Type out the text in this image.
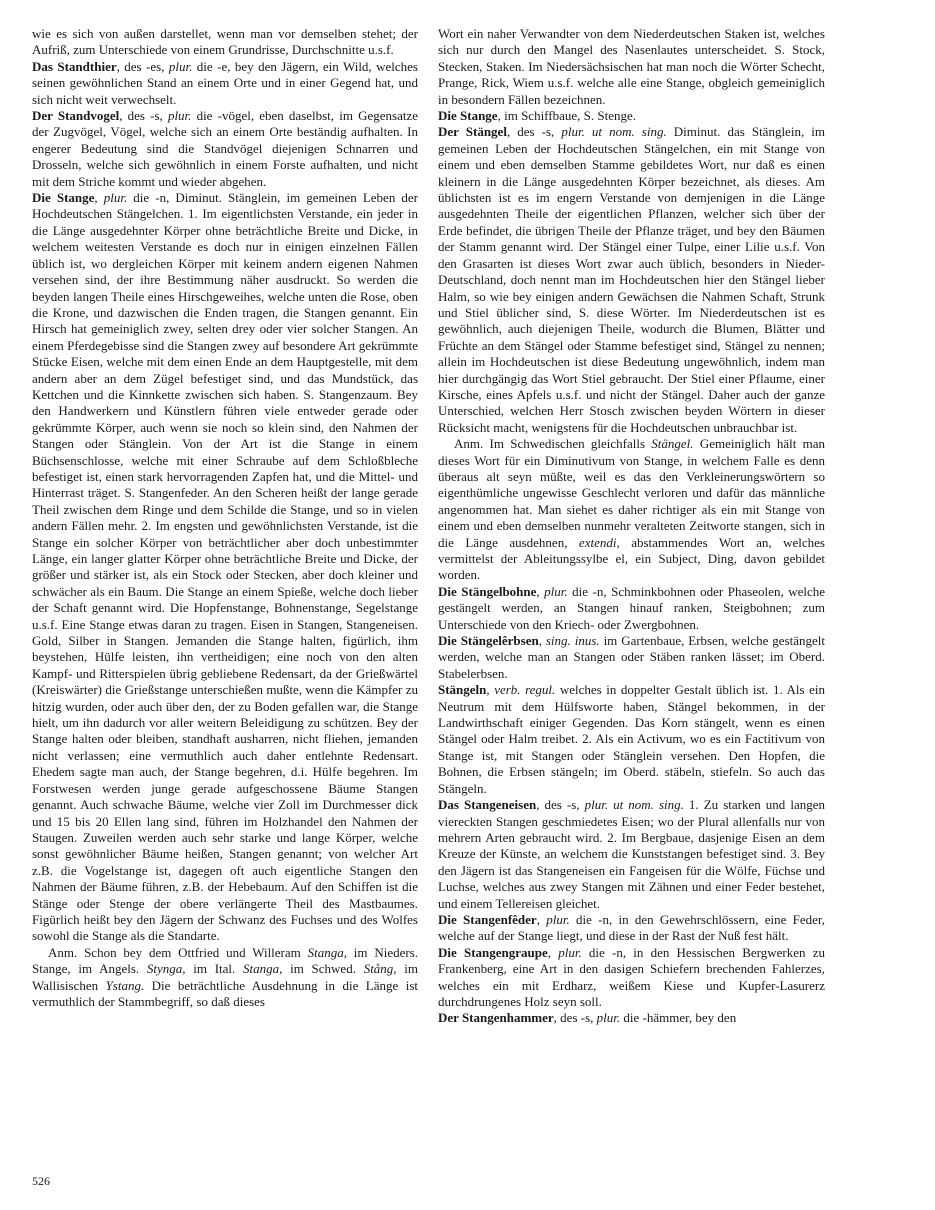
wie es sich von außen darstellet, wenn man vor demselben stehet; der Aufriß, zum Unterschiede von einem Grundrisse, Durchschnitte u.s.f.

Das Standthier, des -es, plur. die -e, bey den Jägern, ein Wild, welches seinen gewöhnlichen Stand an einem Orte und in einer Gegend hat, und sich nicht weit verwechselt.

Der Standvogel, des -s, plur. die -vögel, eben daselbst, im Gegensatze der Zugvögel, Vögel, welche sich an einem Orte beständig aufhalten. In engerer Bedeutung sind die Standvögel diejenigen Schnarren und Drosseln, welche sich gewöhnlich in einem Forste aufhalten, und nicht mit dem Striche kommt und wieder abgehen.

Die Stange, plur. die -n, Diminut. Stänglein, im gemeinen Leben der Hochdeutschen Stängelchen. 1. Im eigentlichsten Verstande, ein jeder in die Länge ausgedehnter Körper ohne beträchtliche Breite und Dicke, in welchem weitesten Verstande es doch nur in einigen einzelnen Fällen üblich ist, wo dergleichen Körper mit keinem andern eigenen Nahmen versehen sind, der ihre Bestimmung näher ausdruckt. So werden die beyden langen Theile eines Hirschgeweihes, welche unten die Rose, oben die Krone, und dazwischen die Enden tragen, die Stangen genannt. Ein Hirsch hat gemeiniglich zwey, selten drey oder vier solcher Stangen. An einem Pferdegebisse sind die Stangen zwey auf besondere Art gekrümmte Stücke Eisen, welche mit dem einen Ende an dem Hauptgestelle, mit dem andern aber an dem Zügel befestiget sind, und das Mundstück, das Kettchen und die Kinnkette zwischen sich haben. S. Stangenzaum. Bey den Handwerkern und Künstlern führen viele entweder gerade oder gekrümmte Körper, auch wenn sie noch so klein sind, den Nahmen der Stangen oder Stänglein. Von der Art ist die Stange in einem Büchsenschlosse, welche mit einer Schraube auf dem Schloßbleche befestiget ist, einen stark hervorragenden Zapfen hat, und die Mittel- und Hinterrast träget. S. Stangenfeder. An den Scheren heißt der lange gerade Theil zwischen dem Ringe und dem Schilde die Stange, und so in vielen andern Fällen mehr. 2. Im engsten und gewöhnlichsten Verstande, ist die Stange ein solcher Körper von beträchtlicher aber doch unbestimmter Länge, ein langer glatter Körper ohne beträchtliche Breite und Dicke, der größer und stärker ist, als ein Stock oder Stecken, aber doch kleiner und schwächer als ein Baum. Die Stange an einem Spieße, welche doch lieber der Schaft genannt wird. Die Hopfenstange, Bohnenstange, Segelstange u.s.f. Eine Stange etwas daran zu tragen. Eisen in Stangen, Stangeneisen. Gold, Silber in Stangen. Jemanden die Stange halten, figürlich, ihm beystehen, Hülfe leisten, ihn vertheidigen; eine noch von den alten Kampf- und Ritterspielen übrig gebliebene Redensart, da der Grießwärtel (Kreiswärter) die Grießstange unterschießen mußte, wenn die Kämpfer zu hitzig wurden, oder auch über den, der zu Boden gefallen war, die Stange hielt, um ihn dadurch vor aller weitern Beleidigung zu schützen. Bey der Stange halten oder bleiben, standhaft ausharren, nicht fliehen, jemanden nicht verlassen; eine vermuthlich auch daher entlehnte Redensart. Ehedem sagte man auch, der Stange begehren, d.i. Hülfe begehren. Im Forstwesen werden junge gerade aufgeschossene Bäume Stangen genannt. Auch schwache Bäume, welche vier Zoll im Durchmesser dick und 15 bis 20 Ellen lang sind, führen im Holzhandel den Nahmen der Staugen. Zuweilen werden auch sehr starke und lange Körper, welche sonst gewöhnlicher Bäume heißen, Stangen genannt; von welcher Art z.B. die Vogelstange ist, dagegen oft auch eigentliche Stangen den Nahmen der Bäume führen, z.B. der Hebebaum. Auf den Schiffen ist die Stänge oder Stenge der obere verlängerte Theil des Mastbaumes. Figürlich heißt bey den Jägern der Schwanz des Fuchses und des Wolfes sowohl die Stange als die Standarte.

Anm. Schon bey dem Ottfried und Willeram Stanga, im Nieders. Stange, im Angels. Stynga, im Ital. Stanga, im Schwed. Stång, im Wallisischen Ystang. Die beträchtliche Ausdehnung in die Länge ist vermuthlich der Stammbegriff, so daß dieses

Wort ein naher Verwandter von dem Niederdeutschen Staken ist, welches sich nur durch den Mangel des Nasenlautes unterscheidet. S. Stock, Stecken, Staken. Im Niedersächsischen hat man noch die Wörter Schecht, Prange, Rick, Wiem u.s.f. welche alle eine Stange, obgleich gemeiniglich in besondern Fällen bezeichnen.

Die Stange, im Schiffbaue, S. Stenge.

Der Stängel, des -s, plur. ut nom. sing. Diminut. das Stänglein, im gemeinen Leben der Hochdeutschen Stängelchen, ein mit Stange von einem und eben demselben Stamme gebildetes Wort, nur daß es einen kleinern in die Länge ausgedehnten Körper bezeichnet, als dieses. Am üblichsten ist es im engern Verstande von demjenigen in die Länge ausgedehnten Theile der eigentlichen Pflanzen, welcher sich über der Erde befindet, die übrigen Theile der Pflanze träget, und bey den Bäumen der Stamm genannt wird. Der Stängel einer Tulpe, einer Lilie u.s.f. Von den Grasarten ist dieses Wort zwar auch üblich, besonders in Nieder-Deutschland, doch nennt man im Hochdeutschen hier den Stängel lieber Halm, so wie bey einigen andern Gewächsen die Nahmen Schaft, Strunk und Stiel üblicher sind, S. diese Wörter. Im Niederdeutschen ist es gewöhnlich, auch diejenigen Theile, wodurch die Blumen, Blätter und Früchte an dem Stängel oder Stamme befestiget sind, Stängel zu nennen; allein im Hochdeutschen ist diese Bedeutung ungewöhnlich, indem man hier durchgängig das Wort Stiel gebraucht. Der Stiel einer Pflaume, einer Kirsche, eines Apfels u.s.f. und nicht der Stängel. Daher auch der ganze Unterschied, welchen Herr Stosch zwischen beyden Wörtern in dieser Rücksicht macht, wenigstens für die Hochdeutschen unbrauchbar ist.

Anm. Im Schwedischen gleichfalls Stängel. Gemeiniglich hält man dieses Wort für ein Diminutivum von Stange, in welchem Falle es denn überaus alt seyn müßte, weil es das den Verkleinerungswörtern so eigenthümliche ungewisse Geschlecht verloren und dafür das männliche angenommen hat. Man siehet es daher richtiger als ein mit Stange von einem und eben demselben nunmehr veralteten Zeitworte stangen, sich in die Länge ausdehnen, extendi, abstammendes Wort an, welches vermittelst der Ableitungssylbe el, ein Subject, Ding, davon gebildet worden.

Die Stängelbohne, plur. die -n, Schminkbohnen oder Phaseolen, welche gestängelt werden, an Stangen hinauf ranken, Steigbohnen; zum Unterschiede von den Kriech- oder Zwergbohnen.

Die Stängelêrbsen, sing. inus. im Gartenbaue, Erbsen, welche gestängelt werden, welche man an Stangen oder Stäben ranken lässet; im Oberd. Stabelerbsen.

Stängeln, verb. regul. welches in doppelter Gestalt üblich ist. 1. Als ein Neutrum mit dem Hülfsworte haben, Stängel bekommen, in der Landwirthschaft einiger Gegenden. Das Korn stängelt, wenn es einen Stängel oder Halm treibet. 2. Als ein Activum, wo es ein Factitivum von Stange ist, mit Stangen oder Stänglein versehen. Den Hopfen, die Bohnen, die Erbsen stängeln; im Oberd. stäbeln, stiefeln. So auch das Stängeln.

Das Stangeneisen, des -s, plur. ut nom. sing. 1. Zu starken und langen viereckten Stangen geschmiedetes Eisen; wo der Plural allenfalls nur von mehrern Arten gebraucht wird. 2. Im Bergbaue, dasjenige Eisen an dem Kreuze der Künste, an welchem die Kunststangen befestiget sind. 3. Bey den Jägern ist das Stangeneisen ein Fangeisen für die Wölfe, Füchse und Luchse, welches aus zwey Stangen mit Zähnen und einer Feder bestehet, und einem Tellereisen gleichet.

Die Stangenfêder, plur. die -n, in den Gewehrschlössern, eine Feder, welche auf der Stange liegt, und diese in der Rast der Nuß fest hält.

Die Stangengraupe, plur. die -n, in den Hessischen Bergwerken zu Frankenberg, eine Art in den dasigen Schiefern brechenden Fahlerzes, welches ein mit Erdharz, weißem Kiese und Kupfer-Lasurerz durchdrungenes Holz seyn soll.

Der Stangenhammer, des -s, plur. die -hämmer, bey den

526
